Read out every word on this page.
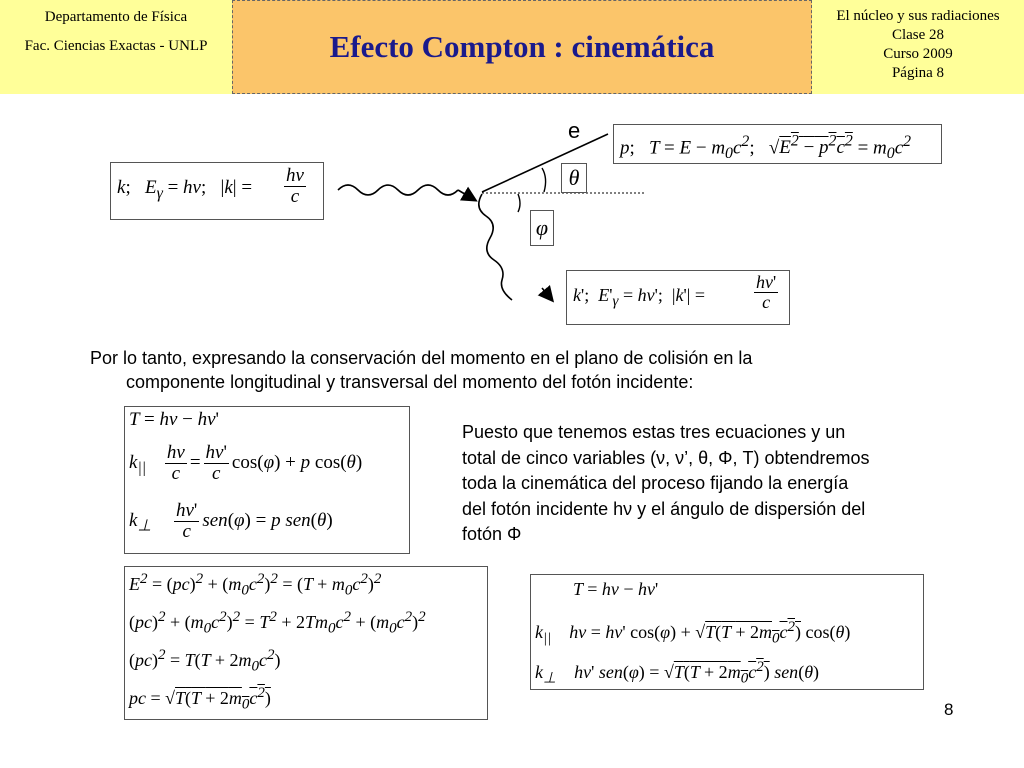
Departamento de Física
Fac. Ciencias Exactas - UNLP	Efecto Compton : cinemática
El núcleo y sus radiaciones
Clase 28
Curso 2009
Página 8
e
θ
φ
k;   $E_\gamma = h\nu$; $|k| = \frac{h\nu}{c}$
p;   $T = E - m_0c^2$; $√E^2 - p^2c^2 = m_0c^2$
k';  $E'_\gamma = h\nu'$; |k'| =	$\frac{h\nu'}{c}$
Por lo tanto, expresando la conservación del momento en el plano de colisión en la
componente longitudinal y transversal del momento del fotón incidente:
T = hν − hν'
$k_{||} \frac{h\nu}{c} = \frac{h\nu'}{c} \cos(\varphi) + p$ cos(θ)
$k_\perp \frac{h\nu'}{c} sen(\varphi) = p$ sen(θ)
Puesto que tenemos estas tres ecuaciones y un
total de cinco variables (ν, ν’, θ, Φ, T) obtendremos
toda la cinemática del proceso fijando la energía
del fotón incidente hν y el ángulo de dispersión del
fotón Φ
$E^2 = (pc)^2 + (m_0c^2)^2 = (T + m_0c^2)^2$
$(pc)^2 + (m_0c^2)^2 = T^2 + 2Tm_0c^2 + (m_0c^2)^2$
$(pc)^2 = T(T + 2m_0c^2)$
pc = $√T(T + 2m_0c^2)$
T = hν − hν'
$k_{||}$    hν = hν' $\cos(\varphi) + √T(T + 2m_0c^2)$ cos(θ)
$k_\perp$    hν' $sen(\varphi) = √T(T + 2m_0c^2)$ sen(θ)
8
